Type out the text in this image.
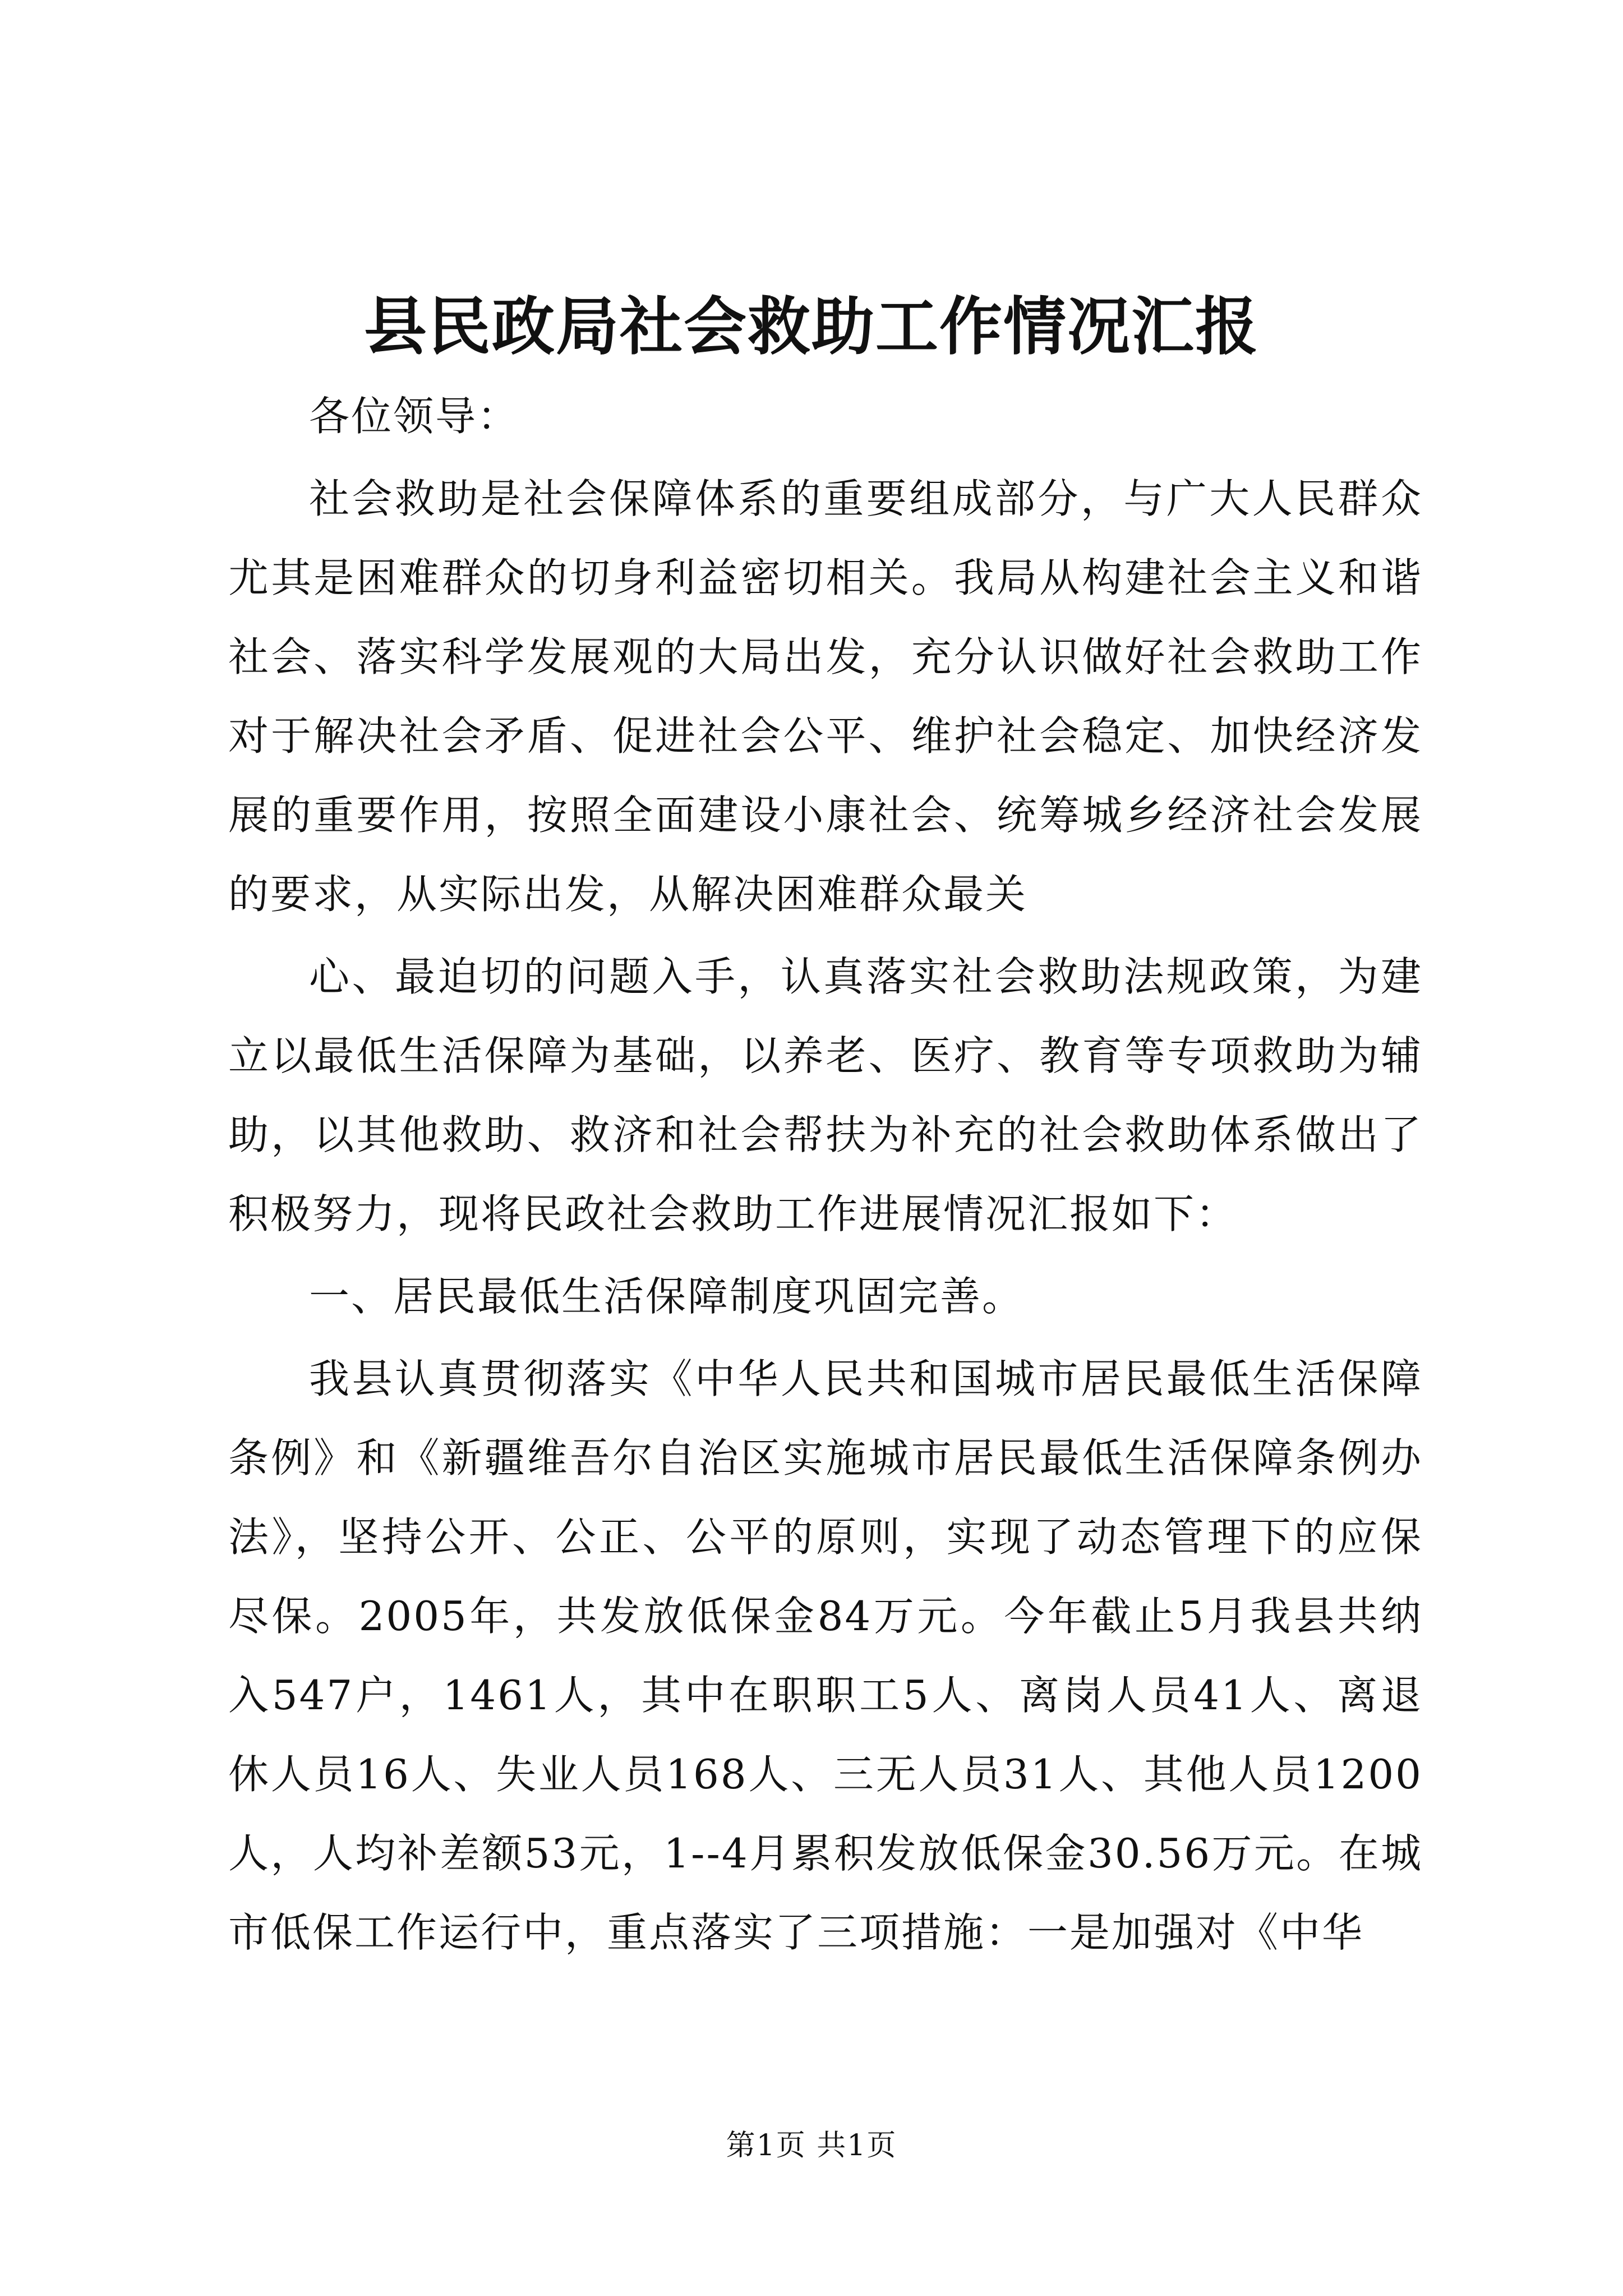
县民政局社会救助工作情况汇报

各位领导：

社会救助是社会保障体系的重要组成部分，与广大人民群众尤其是困难群众的切身利益密切相关。我局从构建社会主义和谐社会、落实科学发展观的大局出发，充分认识做好社会救助工作对于解决社会矛盾、促进社会公平、维护社会稳定、加快经济发展的重要作用，按照全面建设小康社会、统筹城乡经济社会发展的要求，从实际出发，从解决困难群众最关

心、最迫切的问题入手，认真落实社会救助法规政策，为建立以最低生活保障为基础，以养老、医疗、教育等专项救助为辅助，以其他救助、救济和社会帮扶为补充的社会救助体系做出了积极努力，现将民政社会救助工作进展情况汇报如下：

一、居民最低生活保障制度巩固完善。

我县认真贯彻落实《中华人民共和国城市居民最低生活保障条例》和《新疆维吾尔自治区实施城市居民最低生活保障条例办法》，坚持公开、公正、公平的原则，实现了动态管理下的应保尽保。2005年，共发放低保金84万元。今年截止5月我县共纳入547户，1461人，其中在职职工5人、离岗人员41人、离退休人员16人、失业人员168人、三无人员31人、其他人员1200人，人均补差额53元，1--4月累积发放低保金30.56万元。在城市低保工作运行中，重点落实了三项措施：一是加强对《中华

第1页 共1页
